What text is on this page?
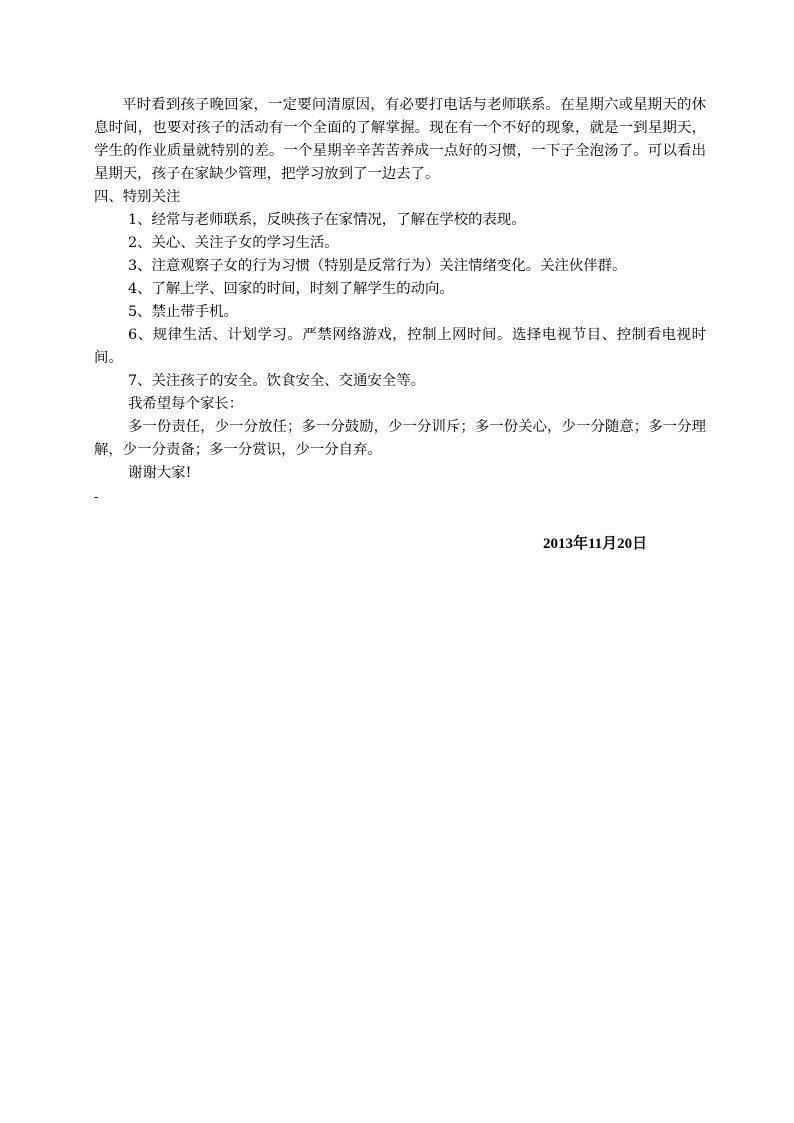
平时看到孩子晚回家，一定要问清原因，有必要打电话与老师联系。在星期六或星期天的休息时间，也要对孩子的活动有一个全面的了解掌握。现在有一个不好的现象，就是一到星期天，学生的作业质量就特别的差。一个星期辛辛苦苦养成一点好的习惯，一下子全泡汤了。可以看出星期天，孩子在家缺少管理，把学习放到了一边去了。

四、特别关注

1、经常与老师联系，反映孩子在家情况，了解在学校的表现。

2、关心、关注子女的学习生活。

3、注意观察子女的行为习惯（特别是反常行为）关注情绪变化。关注伙伴群。

4、了解上学、回家的时间，时刻了解学生的动向。

5、禁止带手机。

6、规律生活、计划学习。严禁网络游戏，控制上网时间。选择电视节目、控制看电视时间。

7、关注孩子的安全。饮食安全、交通安全等。

我希望每个家长：

多一份责任，少一分放任；多一分鼓励，少一分训斥；多一份关心，少一分随意；多一分理解，少一分责备；多一分赏识，少一分自弃。

谢谢大家!

-

2013年11月20日
